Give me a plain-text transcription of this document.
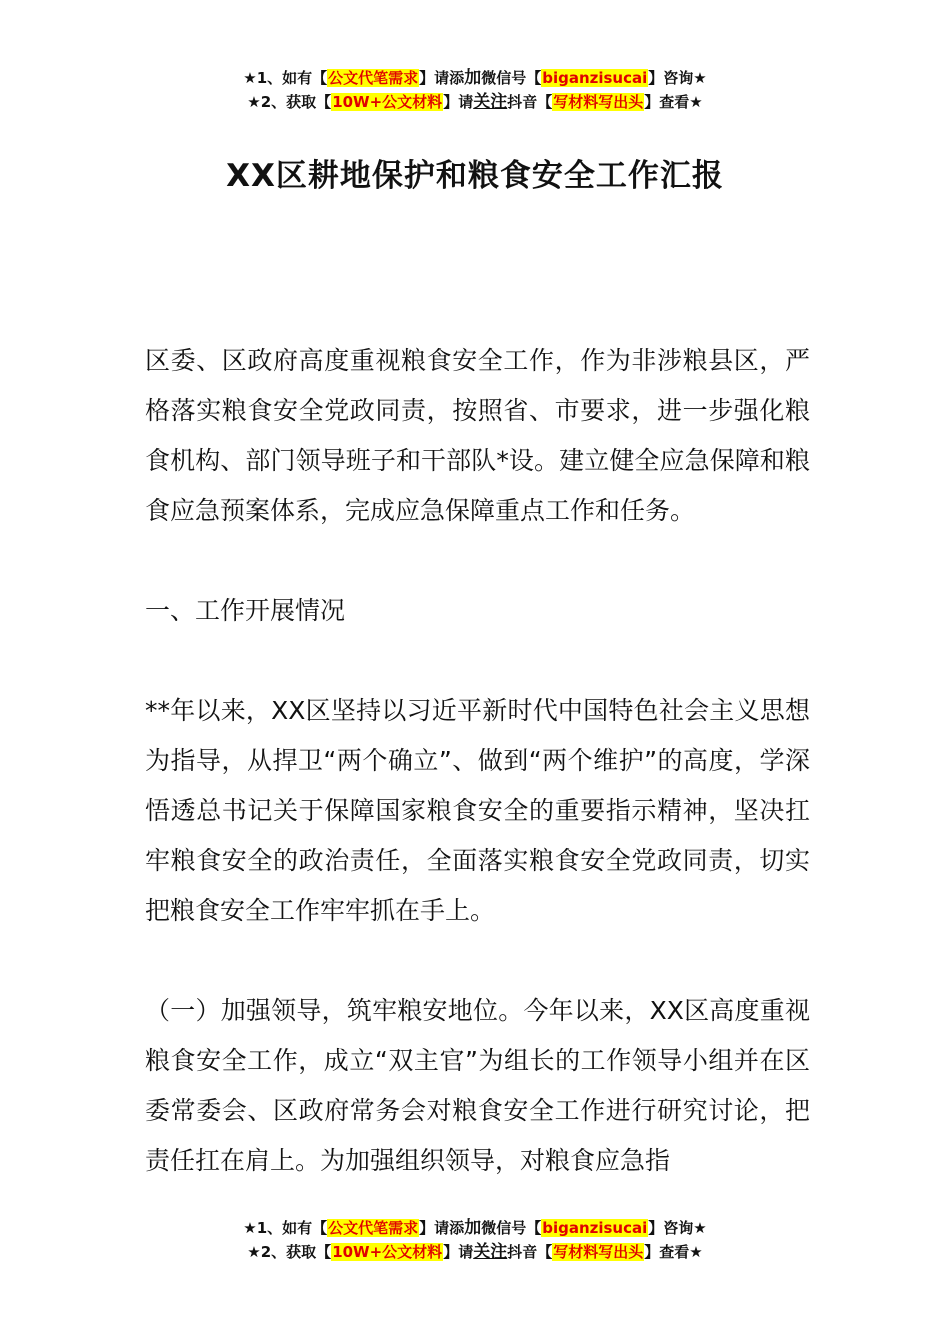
★1、如有【公文代笔需求】请添加微信号【biganzisucai】咨询★
★2、获取【10W+公文材料】请关注抖音【写材料写出头】查看★
XX区耕地保护和粮食安全工作汇报

区委、区政府高度重视粮食安全工作，作为非涉粮县区，严格落实粮食安全党政同责，按照省、市要求，进一步强化粮食机构、部门领导班子和干部队*设。建立健全应急保障和粮食应急预案体系，完成应急保障重点工作和任务。

一、工作开展情况

**年以来，XX区坚持以习近平新时代中国特色社会主义思想为指导，从捍卫“两个确立”、做到“两个维护”的高度，学深悟透总书记关于保障国家粮食安全的重要指示精神，坚决扛牢粮食安全的政治责任，全面落实粮食安全党政同责，切实把粮食安全工作牢牢抓在手上。

（一）加强领导，筑牢粮安地位。今年以来，XX区高度重视粮食安全工作，成立“双主官”为组长的工作领导小组并在区委常委会、区政府常务会对粮食安全工作进行研究讨论，把责任扛在肩上。为加强组织领导，对粮食应急指

★1、如有【公文代笔需求】请添加微信号【biganzisucai】咨询★
★2、获取【10W+公文材料】请关注抖音【写材料写出头】查看★
